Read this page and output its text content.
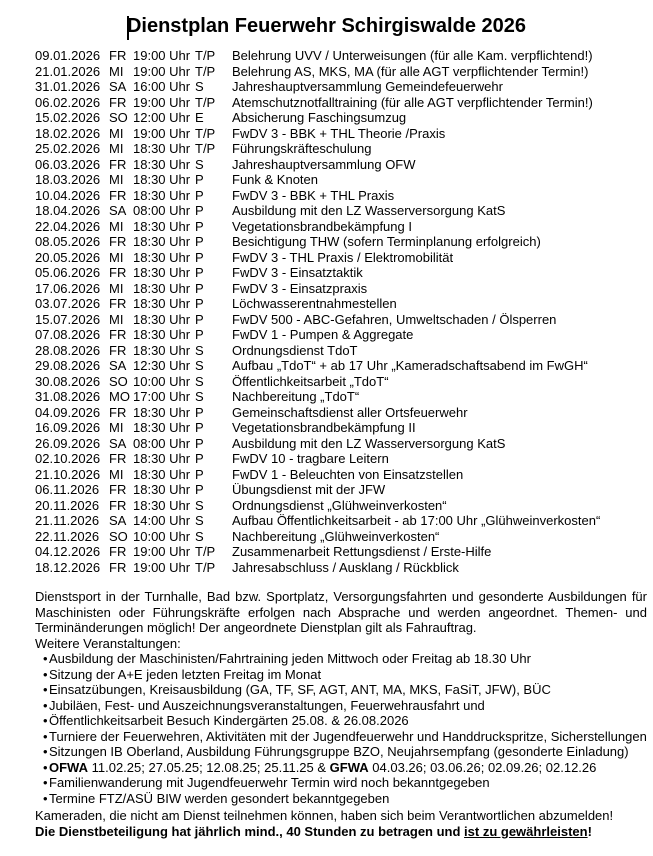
Dienstplan Feuerwehr Schirgiswalde 2026
09.01.2026 FR 19:00 Uhr T/P	Belehrung UVV / Unterweisungen (für alle Kam. verpflichtend!)
21.01.2026 MI 19:00 Uhr T/P	Belehrung AS, MKS, MA (für alle AGT verpflichtender Termin!)
31.01.2026 SA 16:00 Uhr S	Jahreshauptversammlung Gemeindefeuerwehr
06.02.2026 FR 19:00 Uhr T/P	Atemschutznotfalltraining (für alle AGT verpflichtender Termin!)
15.02.2026 SO 12:00 Uhr E	Absicherung Faschingsumzug
18.02.2026 MI 19:00 Uhr T/P	FwDV 3 - BBK + THL Theorie /Praxis
25.02.2026 MI 18:30 Uhr T/P	Führungskräfteschulung
06.03.2026 FR 18:30 Uhr S	Jahreshauptversammlung OFW
18.03.2026 MI 18:30 Uhr P	Funk & Knoten
10.04.2026 FR 18:30 Uhr P	FwDV 3 - BBK + THL Praxis
18.04.2026 SA 08:00 Uhr P	Ausbildung mit den LZ Wasserversorgung KatS
22.04.2026 MI 18:30 Uhr P	Vegetationsbrandbekämpfung I
08.05.2026 FR 18:30 Uhr P	Besichtigung THW (sofern Terminplanung erfolgreich)
20.05.2026 MI 18:30 Uhr P	FwDV 3 - THL Praxis / Elektromobilität
05.06.2026 FR 18:30 Uhr P	FwDV 3 - Einsatztaktik
17.06.2026 MI 18:30 Uhr P	FwDV 3 - Einsatzpraxis
03.07.2026 FR 18:30 Uhr P	Löchwasserentnahmestellen
15.07.2026 MI 18:30 Uhr P	FwDV 500 - ABC-Gefahren, Umweltschaden / Ölsperren
07.08.2026 FR 18:30 Uhr P	FwDV 1 - Pumpen & Aggregate
28.08.2026 FR 18:30 Uhr S	Ordnungsdienst TdoT
29.08.2026 SA 12:30 Uhr S	Aufbau „TdoT“ + ab 17 Uhr „Kameradschaftsabend im FwGH“
30.08.2026 SO 10:00 Uhr S	Öffentlichkeitsarbeit „TdoT“
31.08.2026 MO 17:00 Uhr S	Nachbereitung „TdoT“
04.09.2026 FR 18:30 Uhr P	Gemeinschaftsdienst aller Ortsfeuerwehr
16.09.2026 MI 18:30 Uhr P	Vegetationsbrandbekämpfung II
26.09.2026 SA 08:00 Uhr P	Ausbildung mit den LZ Wasserversorgung KatS
02.10.2026 FR 18:30 Uhr P	FwDV 10 - tragbare Leitern
21.10.2026 MI 18:30 Uhr P	FwDV 1 - Beleuchten von Einsatzstellen
06.11.2026 FR 18:30 Uhr P	Übungsdienst mit der JFW
20.11.2026 FR 18:30 Uhr S	Ordnungsdienst „Glühweinverkosten“
21.11.2026 SA 14:00 Uhr S	Aufbau Öffentlichkeitsarbeit - ab 17:00 Uhr „Glühweinverkosten“
22.11.2026 SO 10:00 Uhr S	Nachbereitung „Glühweinverkosten“
04.12.2026 FR 19:00 Uhr T/P	Zusammenarbeit Rettungsdienst / Erste-Hilfe
18.12.2026 FR 19:00 Uhr T/P	Jahresabschluss / Ausklang / Rückblick
Dienstsport in der Turnhalle, Bad bzw. Sportplatz, Versorgungsfahrten und gesonderte Ausbildungen für Maschinisten oder Führungskräfte erfolgen nach Absprache und werden angeordnet. Themen- und Terminänderungen möglich! Der angeordnete Dienstplan gilt als Fahrauftrag.
Weitere Veranstaltungen:
• Ausbildung der Maschinisten/Fahrtraining jeden Mittwoch oder Freitag ab 18.30 Uhr
• Sitzung der A+E jeden letzten Freitag im Monat
• Einsatzübungen, Kreisausbildung (GA, TF, SF, AGT, ANT, MA, MKS, FaSiT, JFW), BÜC
• Jubiläen, Fest- und Auszeichnungsveranstaltungen, Feuerwehrausfahrt und
• Öffentlichkeitsarbeit Besuch Kindergärten 25.08. & 26.08.2026
• Turniere der Feuerwehren, Aktivitäten mit der Jugendfeuerwehr und Handdruckspritze, Sicherstellungen
• Sitzungen IB Oberland, Ausbildung Führungsgruppe BZO, Neujahrsempfang (gesonderte Einladung)
• OFWA 11.02.25; 27.05.25; 12.08.25; 25.11.25 & GFWA 04.03.26; 03.06.26; 02.09.26; 02.12.26
• Familienwanderung mit Jugendfeuerwehr Termin wird noch bekanntgegeben
• Termine FTZ/ASÜ BIW werden gesondert bekanntgegeben
Kameraden, die nicht am Dienst teilnehmen können, haben sich beim Verantwortlichen abzumelden!
Die Dienstbeteiligung hat jährlich mind., 40 Stunden zu betragen und ist zu gewährleisten!
